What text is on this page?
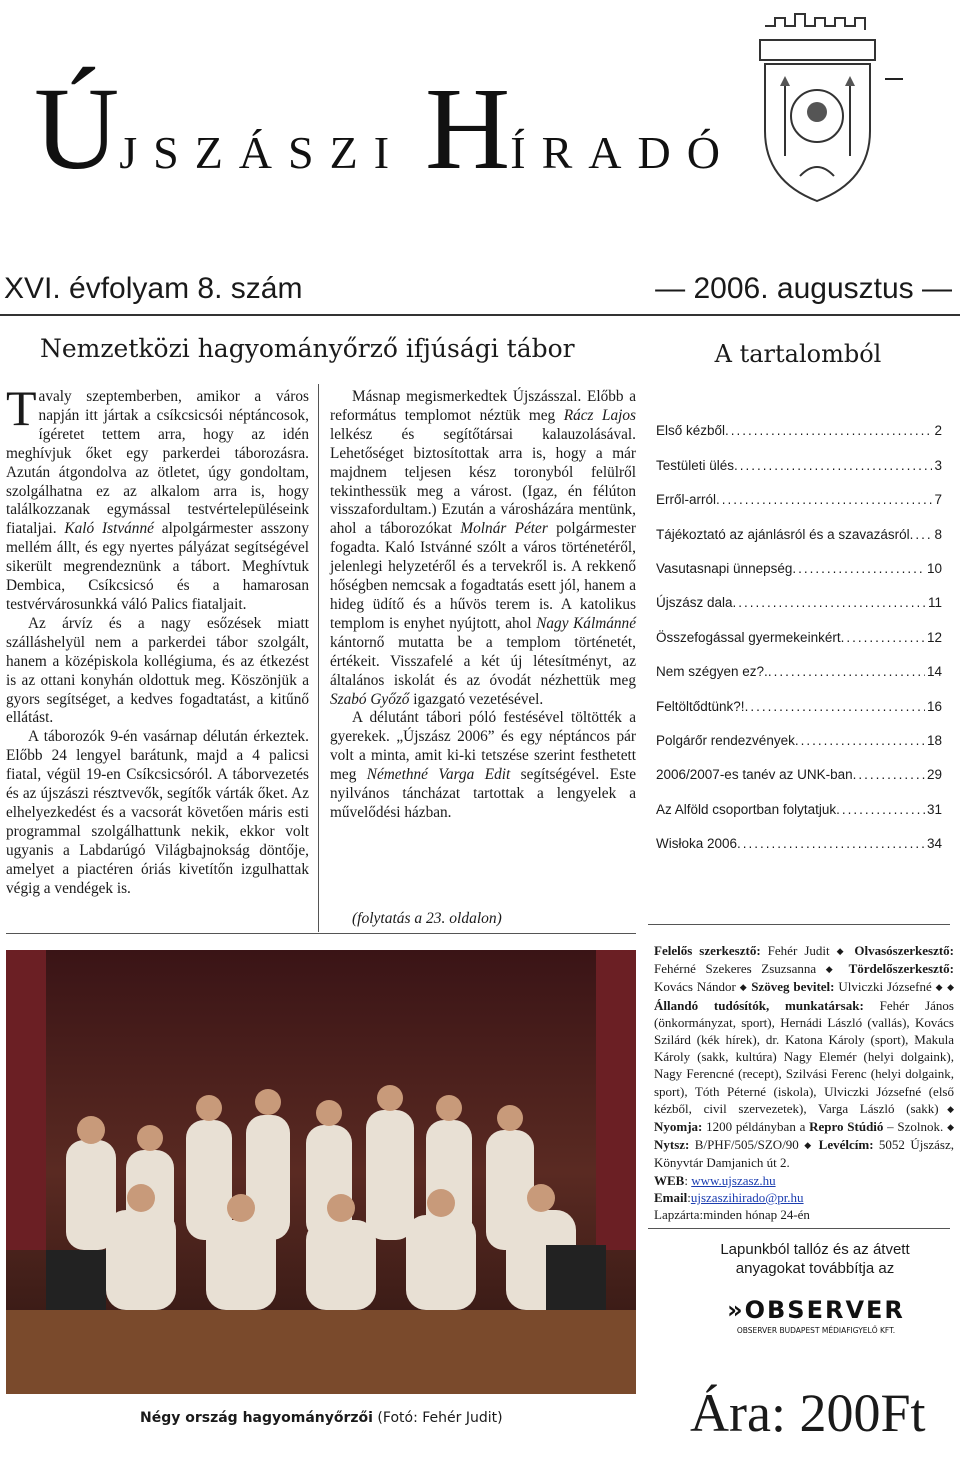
ÚJSZÁSZI HÍRADÓ
XVI. évfolyam 8. szám	— 2006. augusztus —
Nemzetközi hagyományőrző ifjúsági tábor

Tavaly szeptemberben, amikor a város napján itt jártak a csíkcsicsói néptáncosok, ígéretet tettem arra, hogy az idén meghívjuk őket egy parkerdei táborozásra. Azután átgondolva az ötletet, úgy gondoltam, szolgálhatna ez az alkalom arra is, hogy találkozzanak egymással testvértelepüléseink fiataljai. Kaló Istvánné alpolgármester asszony mellém állt, és egy nyertes pályázat segítségével sikerült megrendeznünk a tábort. Meghívtuk Dembica, Csíkcsicsó és a hamarosan testvérvárosunkká váló Palics fiataljait.

Az árvíz és a nagy esőzések miatt szálláshelyül nem a parkerdei tábor szolgált, hanem a középiskola kollégiuma, és az étkezést is az ottani konyhán oldottuk meg. Köszönjük a gyors segítséget, a kedves fogadtatást, a kitűnő ellátást.

A táborozók 9-én vasárnap délután érkeztek. Előbb 24 lengyel barátunk, majd a 4 palicsi fiatal, végül 19-en Csíkcsicsóról. A táborvezetés és az újszászi résztvevők, segítők várták őket. Az elhelyezkedést és a vacsorát követően máris esti programmal szolgálhattunk nekik, ekkor volt ugyanis a Labdarúgó Világbajnokság döntője, amelyet a piactéren óriás kivetítőn izgulhattak végig a vendégek is.

Másnap megismerkedtek Újszásszal. Előbb a református templomot néztük meg Rácz Lajos lelkész és segítőtársai kalauzolásával. Lehetőséget biztosítottak arra is, hogy a már majdnem teljesen kész toronyból felülről tekinthessük meg a várost. (Igaz, én félúton visszafordultam.) Ezután a városházára mentünk, ahol a táborozókat Molnár Péter polgármester fogadta. Kaló Istvánné szólt a város történetéről, jelenlegi helyzetéről és a tervekről is. A rekkenő hőségben nemcsak a fogadtatás esett jól, hanem a hideg üdítő és a hűvös terem is. A katolikus templom is enyhet nyújtott, ahol Nagy Kálmánné kántornő mutatta be a templom történetét, értékeit. Visszafelé a két új létesítményt, az általános iskolát és az óvodát nézhettük meg Szabó Győző igazgató vezetésével.

A délutánt tábori póló festésével töltötték a gyerekek. „Újszász 2006” és egy néptáncos pár volt a minta, amit ki-ki tetszése szerint festhetett meg Némethné Varga Edit segítségével. Este nyilvános táncházat tartottak a lengyelek a művelődési házban.

(folytatás a 23. oldalon)
A tartalomból
Első kézből .....	2
Testületi ülés .....	3
Erről-arról .....	7
Tájékoztató az ajánlásról és a szavazásról ..... 8
Vasutasnapi ünnepség .....	10
Újszász dala .....	11
Összefogással gyermekeinkért .....	12
Nem szégyen ez?. .....	14
Feltöltődtünk?! .....	16
Polgárőr rendezvények .....	18
2006/2007-es tanév az UNK-ban .....	29
Az Alföld csoportban folytatjuk .....	31
Wisłoka 2006 .....	34
Négy ország hagyományőrzői (Fotó: Fehér Judit)
Felelős szerkesztő: Fehér Judit ◆ Olvasószerkesztő: Fehérné Szekeres Zsuzsanna ◆ Tördelőszerkesztő: Kovács Nándor ◆ Szöveg bevitel: Ulviczki Józsefné ◆ ◆ Állandó tudósítók, munkatársak: Fehér János (önkormányzat, sport), Hernádi László (vallás), Kovács Szilárd (kék hírek), dr. Katona Károly (sport), Makula Károly (sakk, kultúra) Nagy Elemér (helyi dolgaink), Nagy Ferencné (recept), Szilvási Ferenc (helyi dolgaink, sport), Tóth Péterné (iskola), Ulviczki Józsefné (első kézből, civil szervezetek), Varga László (sakk)◆ Nyomja: 1200 példányban a Repro Stúdió – Szolnok. ◆ Nytsz: B/PHF/505/SZO/90 ◆ Levélcím: 5052 Újszász, Könyvtár Damjanich út 2.
WEB: www.ujszasz.hu
Email:ujszaszihirado@pr.hu
Lapzárta:minden hónap 24-én
Lapunkból tallóz és az átvett anyagokat továbbítja az
»OBSERVER
OBSERVER BUDAPEST MÉDIAFIGYELŐ KFT.
Ára: 200Ft
